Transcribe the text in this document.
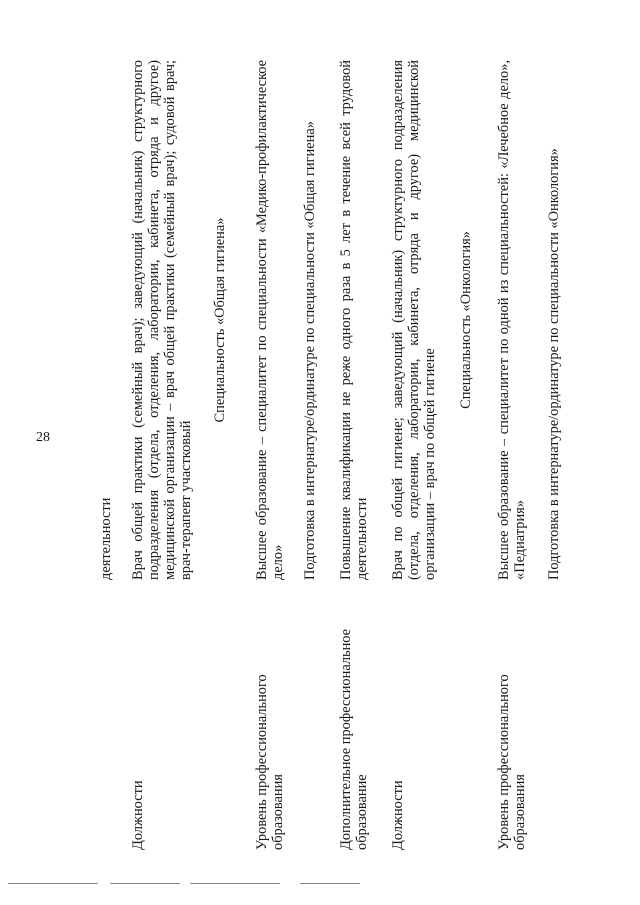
28
деятельности
Должности
Врач общей практики (семейный врач); заведующий (начальник) структурного подразделения (отдела, отделения, лаборатории, кабинета, отряда и другое) медицинской организации – врач общей практики (семейный врач); судовой врач; врач-терапевт участковый
Специальность «Общая гигиена»
Уровень профессионального образования
Высшее образование – специалитет по специальности «Медико-профилактическое дело» Подготовка в интернатуре/ординатуре по специальности «Общая гигиена»
Дополнительное профессиональное образование
Повышение квалификации не реже одного раза в 5 лет в течение всей трудовой деятельности
Должности
Врач по общей гигиене; заведующий (начальник) структурного подразделения (отдела, отделения, лаборатории, кабинета, отряда и другое) медицинской организации – врач по общей гигиене
Специальность «Онкология»
Уровень профессионального образования
Высшее образование – специалитет по одной из специальностей: «Лечебное дело», «Педиатрия» Подготовка в интернатуре/ординатуре по специальности «Онкология»
